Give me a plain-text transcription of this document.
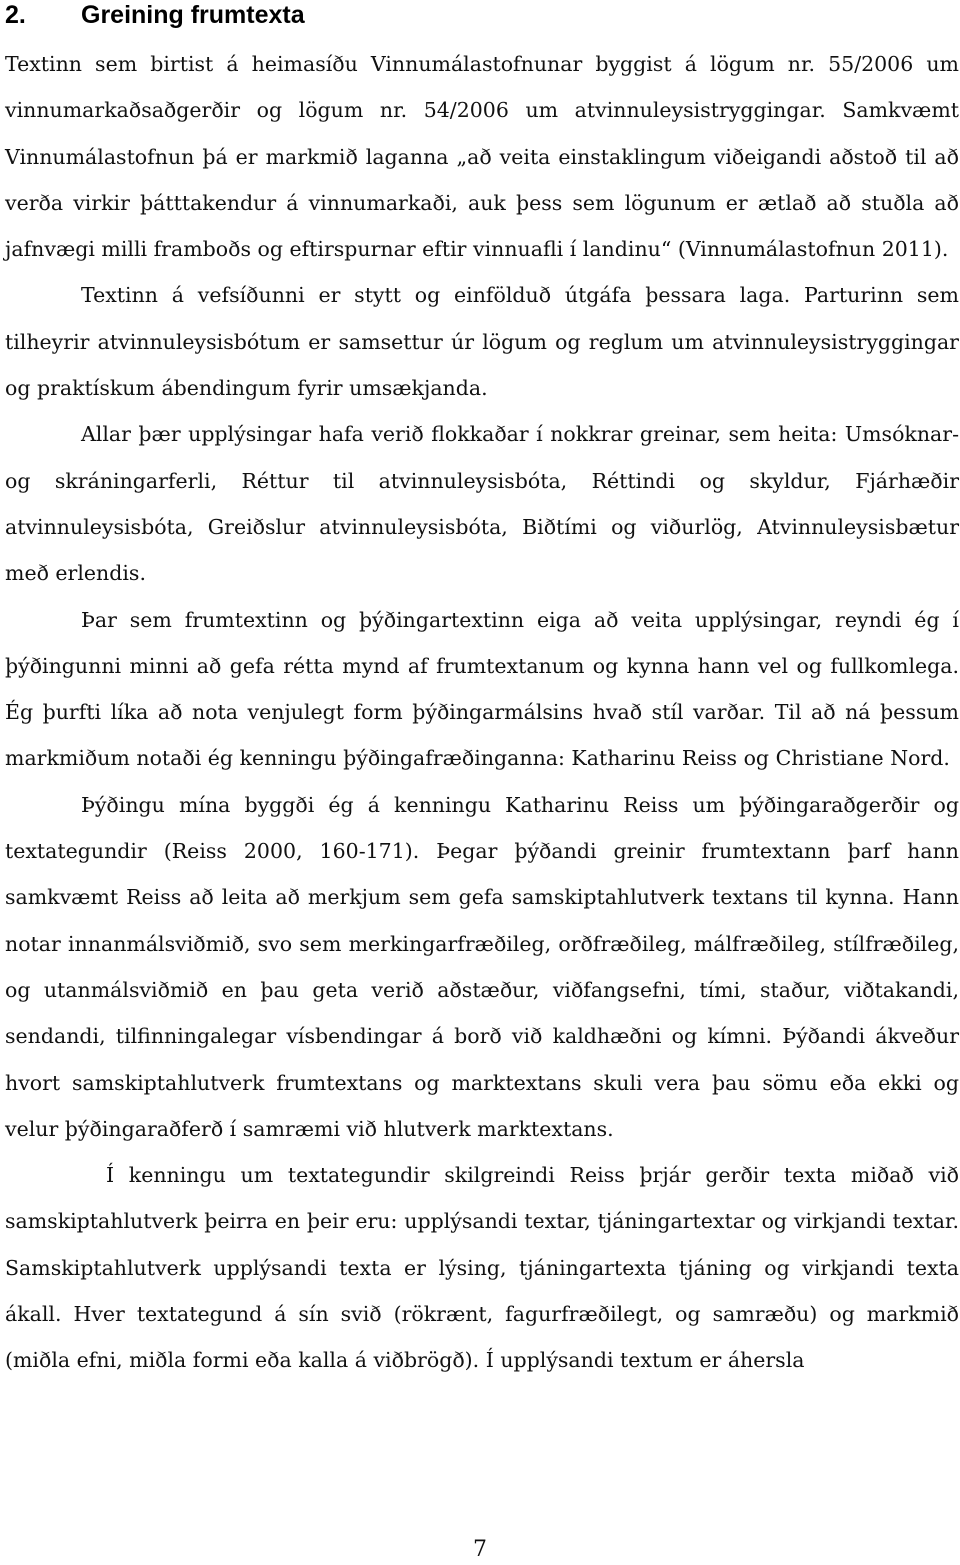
2. Greining frumtexta

Textinn sem birtist á heimasíðu Vinnumálastofnunar byggist á lögum nr. 55/2006 um vinnumarkaðsaðgerðir og lögum nr. 54/2006 um atvinnuleysistryggingar. Samkvæmt Vinnumálastofnun þá er markmið laganna „að veita einstaklingum viðeigandi aðstoð til að verða virkir þátttakendur á vinnumarkaði, auk þess sem lögunum er ætlað að stuðla að jafnvægi milli framboðs og eftirspurnar eftir vinnuafli í landinu“ (Vinnumálastofnun 2011).

Textinn á vefsíðunni er stytt og einfölduð útgáfa þessara laga. Parturinn sem tilheyrir atvinnuleysisbótum er samsettur úr lögum og reglum um atvinnuleysistryggingar og praktískum ábendingum fyrir umsækjanda.

Allar þær upplýsingar hafa verið flokkaðar í nokkrar greinar, sem heita: Umsóknar- og skráningarferli, Réttur til atvinnuleysisbóta, Réttindi og skyldur, Fjárhæðir atvinnuleysisbóta, Greiðslur atvinnuleysisbóta, Biðtími og viðurlög, Atvinnuleysisbætur með erlendis.

Þar sem frumtextinn og þýðingartextinn eiga að veita upplýsingar, reyndi ég í þýðingunni minni að gefa rétta mynd af frumtextanum og kynna hann vel og fullkomlega. Ég þurfti líka að nota venjulegt form þýðingarmálsins hvað stíl varðar. Til að ná þessum markmiðum notaði ég kenningu þýðingafræðinganna: Katharinu Reiss og Christiane Nord.

Þýðingu mína byggði ég á kenningu Katharinu Reiss um þýðingaraðgerðir og textategundir (Reiss 2000, 160-171). Þegar þýðandi greinir frumtextann þarf hann samkvæmt Reiss að leita að merkjum sem gefa samskiptahlutverk textans til kynna. Hann notar innanmálsviðmið, svo sem merkingarfræðileg, orðfræðileg, málfræðileg, stílfræðileg, og utanmálsviðmið en þau geta verið aðstæður, viðfangsefni, tími, staður, viðtakandi, sendandi, tilfinningalegar vísbendingar á borð við kaldhæðni og kímni. Þýðandi ákveður hvort samskiptahlutverk frumtextans og marktextans skuli vera þau sömu eða ekki og velur þýðingaraðferð í samræmi við hlutverk marktextans.

Í kenningu um textategundir skilgreindi Reiss þrjár gerðir texta miðað við samskiptahlutverk þeirra en þeir eru: upplýsandi textar, tjáningartextar og virkjandi textar. Samskiptahlutverk upplýsandi texta er lýsing, tjáningartexta tjáning og virkjandi texta ákall. Hver textategund á sín svið (rökrænt, fagurfræðilegt, og samræðu) og markmið (miðla efni, miðla formi eða kalla á viðbrögð). Í upplýsandi textum er áhersla

7
